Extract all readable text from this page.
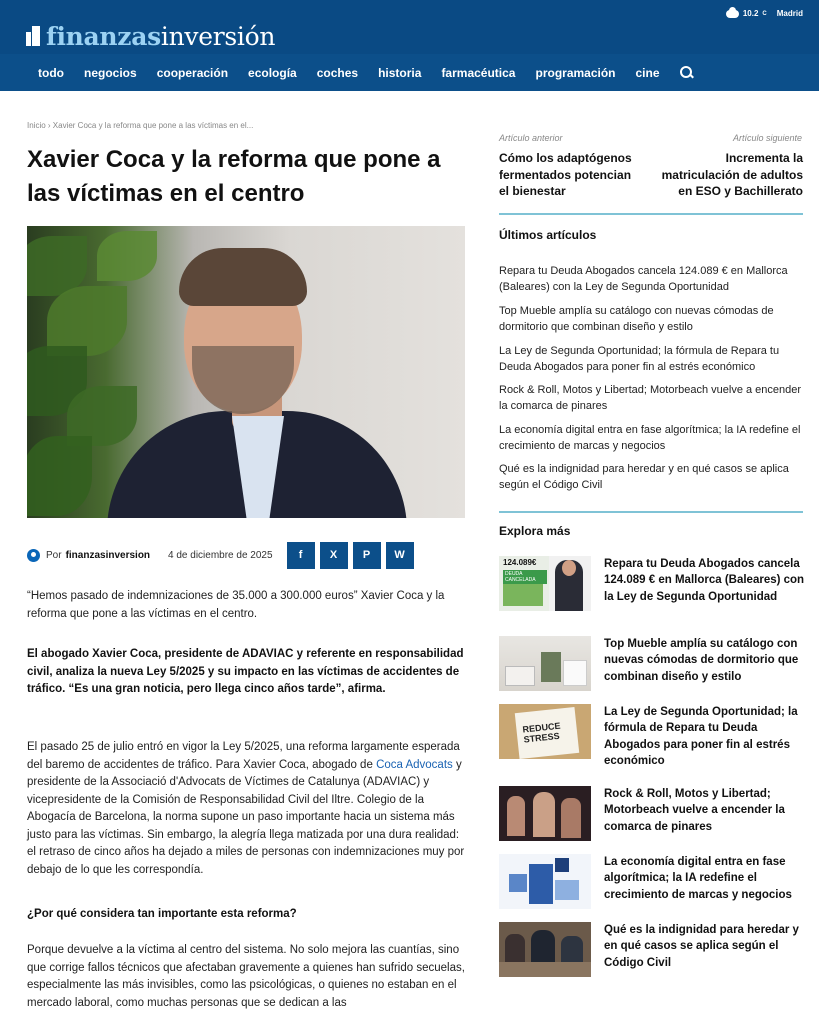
finanzasinversión
10.2 C Madrid
todo	negocios	cooperación	ecología	coches	historia	farmacéutica	programación	cine
Inicio › Xavier Coca y la reforma que pone a las víctimas en el...
Xavier Coca y la reforma que pone a las víctimas en el centro
Por finanzasinversion 4 de diciembre de 2025	f	X	P	W

“Hemos pasado de indemnizaciones de 35.000 a 300.000 euros” Xavier Coca y la reforma que pone a las víctimas en el centro.

El abogado Xavier Coca, presidente de ADAVIAC y referente en responsabilidad civil, analiza la nueva Ley 5/2025 y su impacto en las víctimas de accidentes de tráfico. “Es una gran noticia, pero llega cinco años tarde”, afirma.

El pasado 25 de julio entró en vigor la Ley 5/2025, una reforma largamente esperada del baremo de accidentes de tráfico. Para Xavier Coca, abogado de Coca Advocats y presidente de la Associació d'Advocats de Víctimes de Catalunya (ADAVIAC) y vicepresidente de la Comisión de Responsabilidad Civil del Iltre. Colegio de la Abogacía de Barcelona, la norma supone un paso importante hacia un sistema más justo para las víctimas. Sin embargo, la alegría llega matizada por una dura realidad: el retraso de cinco años ha dejado a miles de personas con indemnizaciones muy por debajo de lo que les correspondía.

¿Por qué considera tan importante esta reforma?

Porque devuelve a la víctima al centro del sistema. No solo mejora las cuantías, sino que corrige fallos técnicos que afectaban gravemente a quienes han sufrido secuelas, especialmente las más invisibles, como las psicológicas, o quienes no estaban en el mercado laboral, como muchas personas que se dedican a las

Artículo anterior
Cómo los adaptógenos fermentados potencian el bienestar
Artículo siguiente
Incrementa la matriculación de adultos en ESO y Bachillerato
Últimos artículos
Repara tu Deuda Abogados cancela 124.089 € en Mallorca (Baleares) con la Ley de Segunda Oportunidad
Top Mueble amplía su catálogo con nuevas cómodas de dormitorio que combinan diseño y estilo
La Ley de Segunda Oportunidad; la fórmula de Repara tu Deuda Abogados para poner fin al estrés económico
Rock & Roll, Motos y Libertad; Motorbeach vuelve a encender la comarca de pinares
La economía digital entra en fase algorítmica; la IA redefine el crecimiento de marcas y negocios
Qué es la indignidad para heredar y en qué casos se aplica según el Código Civil
Explora más
124.089€
DEUDA CANCELADA
Repara tu Deuda Abogados cancela 124.089 € en Mallorca (Baleares) con la Ley de Segunda Oportunidad
Top Mueble amplía su catálogo con nuevas cómodas de dormitorio que combinan diseño y estilo
REDUCE STRESS
La Ley de Segunda Oportunidad; la fórmula de Repara tu Deuda Abogados para poner fin al estrés económico
Rock & Roll, Motos y Libertad; Motorbeach vuelve a encender la comarca de pinares
La economía digital entra en fase algorítmica; la IA redefine el crecimiento de marcas y negocios
Qué es la indignidad para heredar y en qué casos se aplica según el Código Civil
